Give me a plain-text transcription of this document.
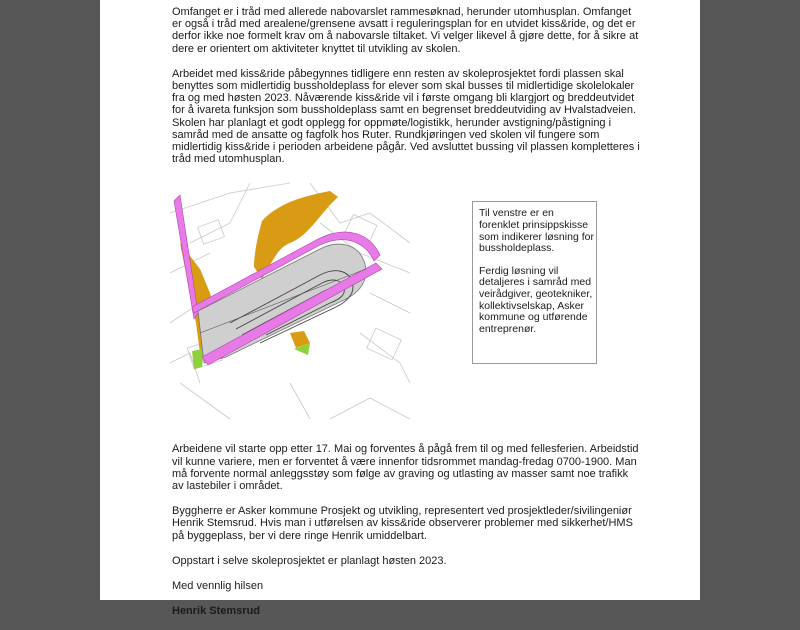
Omfanget er i tråd med allerede nabovarslet rammesøknad, herunder utomhusplan. Omfanget er også i tråd med arealene/grensene avsatt i reguleringsplan for en utvidet kiss&ride, og det er derfor ikke noe formelt krav om å nabovarsle tiltaket. Vi velger likevel å gjøre dette, for å sikre at dere er orientert om aktiviteter knyttet til utvikling av skolen.

Arbeidet med kiss&ride påbegynnes tidligere enn resten av skoleprosjektet fordi plassen skal benyttes som midlertidig bussholdeplass for elever som skal busses til midlertidige skolelokaler fra og med høsten 2023. Nåværende kiss&ride vil i første omgang bli klargjort og breddeutvidet for å ivareta funksjon som bussholdeplass samt en begrenset breddeutviding av Hvalstadveien. Skolen har planlagt et godt opplegg for oppmøte/logistikk, herunder avstigning/påstigning i samråd med de ansatte og fagfolk hos Ruter. Rundkjøringen ved skolen vil fungere som midlertidig kiss&ride i perioden arbeidene pågår. Ved avsluttet bussing vil plassen kompletteres i tråd med utomhusplan.

Til venstre er en forenklet prinsippskisse som indikerer løsning for bussholdeplass.

Ferdig løsning vil detaljeres i samråd med veirådgiver, geotekniker, kollektivselskap, Asker kommune og utførende entreprenør.

Arbeidene vil starte opp etter 17. Mai og forventes å pågå frem til og med fellesferien. Arbeidstid vil kunne variere, men er forventet å være innenfor tidsrommet mandag-fredag 0700-1900. Man må forvente normal anleggsstøy som følge av graving og utlasting av masser samt noe trafikk av lastebiler i området.

Byggherre er Asker kommune Prosjekt og utvikling, representert ved prosjektleder/sivilingeniør Henrik Stemsrud. Hvis man i utførelsen av kiss&ride observerer problemer med sikkerhet/HMS på byggeplass, ber vi dere ringe Henrik umiddelbart.

Oppstart i selve skoleprosjektet er planlagt høsten 2023.

Med vennlig hilsen

Henrik Stemsrud
